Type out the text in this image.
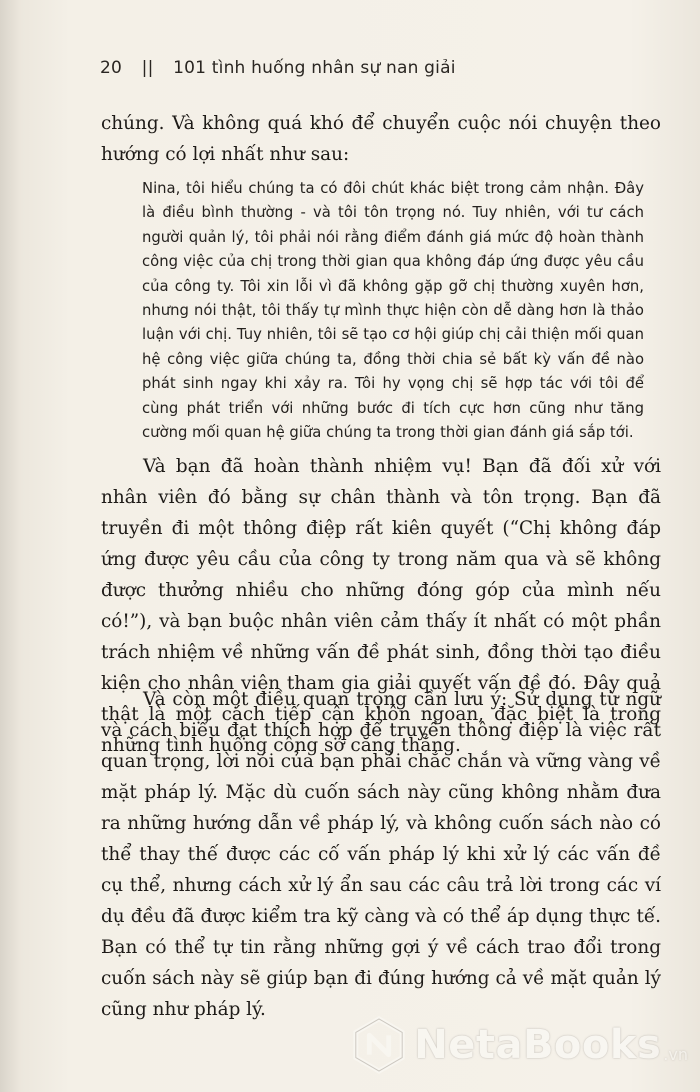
20 || 101 tình huống nhân sự nan giải

chúng. Và không quá khó để chuyển cuộc nói chuyện theo hướng có lợi nhất như sau:

Nina, tôi hiểu chúng ta có đôi chút khác biệt trong cảm nhận. Đây là điều bình thường - và tôi tôn trọng nó. Tuy nhiên, với tư cách người quản lý, tôi phải nói rằng điểm đánh giá mức độ hoàn thành công việc của chị trong thời gian qua không đáp ứng được yêu cầu của công ty. Tôi xin lỗi vì đã không gặp gỡ chị thường xuyên hơn, nhưng nói thật, tôi thấy tự mình thực hiện còn dễ dàng hơn là thảo luận với chị. Tuy nhiên, tôi sẽ tạo cơ hội giúp chị cải thiện mối quan hệ công việc giữa chúng ta, đồng thời chia sẻ bất kỳ vấn đề nào phát sinh ngay khi xảy ra. Tôi hy vọng chị sẽ hợp tác với tôi để cùng phát triển với những bước đi tích cực hơn cũng như tăng cường mối quan hệ giữa chúng ta trong thời gian đánh giá sắp tới.

Và bạn đã hoàn thành nhiệm vụ! Bạn đã đối xử với nhân viên đó bằng sự chân thành và tôn trọng. Bạn đã truyền đi một thông điệp rất kiên quyết (“Chị không đáp ứng được yêu cầu của công ty trong năm qua và sẽ không được thưởng nhiều cho những đóng góp của mình nếu có!”), và bạn buộc nhân viên cảm thấy ít nhất có một phần trách nhiệm về những vấn đề phát sinh, đồng thời tạo điều kiện cho nhân viên tham gia giải quyết vấn đề đó. Đây quả thật là một cách tiếp cận khôn ngoan, đặc biệt là trong những tình huống công sở căng thẳng.

Và còn một điều quan trọng cần lưu ý: Sử dụng từ ngữ và cách biểu đạt thích hợp để truyền thông điệp là việc rất quan trọng, lời nói của bạn phải chắc chắn và vững vàng về mặt pháp lý. Mặc dù cuốn sách này cũng không nhằm đưa ra những hướng dẫn về pháp lý, và không cuốn sách nào có thể thay thế được các cố vấn pháp lý khi xử lý các vấn đề cụ thể, nhưng cách xử lý ẩn sau các câu trả lời trong các ví dụ đều đã được kiểm tra kỹ càng và có thể áp dụng thực tế. Bạn có thể tự tin rằng những gợi ý về cách trao đổi trong cuốn sách này sẽ giúp bạn đi đúng hướng cả về mặt quản lý cũng như pháp lý.

NetaBooks .vn
